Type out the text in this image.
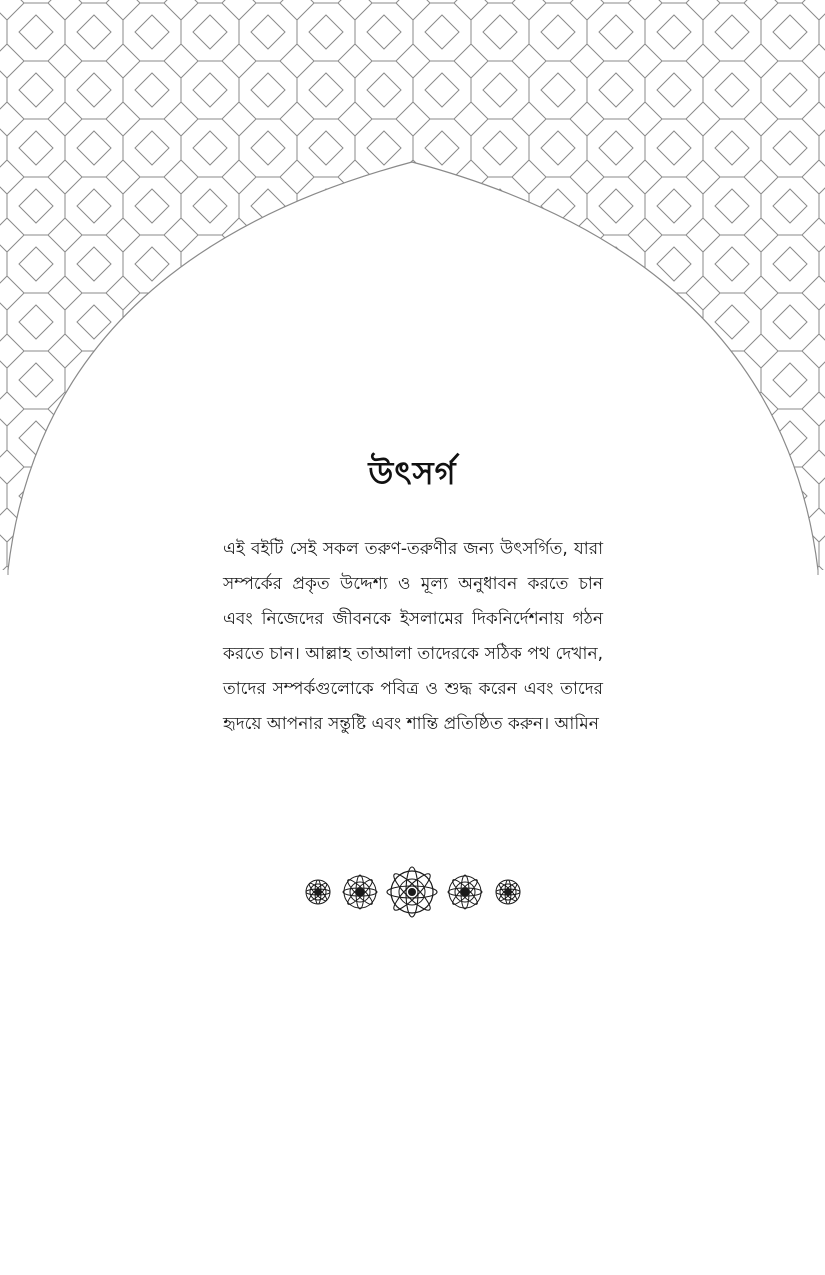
উৎসর্গ
এই বইটি সেই সকল তরুণ-তরুণীর জন্য উৎসর্গিত, যারা সম্পর্কের প্রকৃত উদ্দেশ্য ও মূল্য অনুধাবন করতে চান এবং নিজেদের জীবনকে ইসলামের দিকনির্দেশনায় গঠন করতে চান। আল্লাহ তাআলা তাদেরকে সঠিক পথ দেখান, তাদের সম্পর্কগুলোকে পবিত্র ও শুদ্ধ করেন এবং তাদের হৃদয়ে আপনার সন্তুষ্টি এবং শান্তি প্রতিষ্ঠিত করুন। আমিন
